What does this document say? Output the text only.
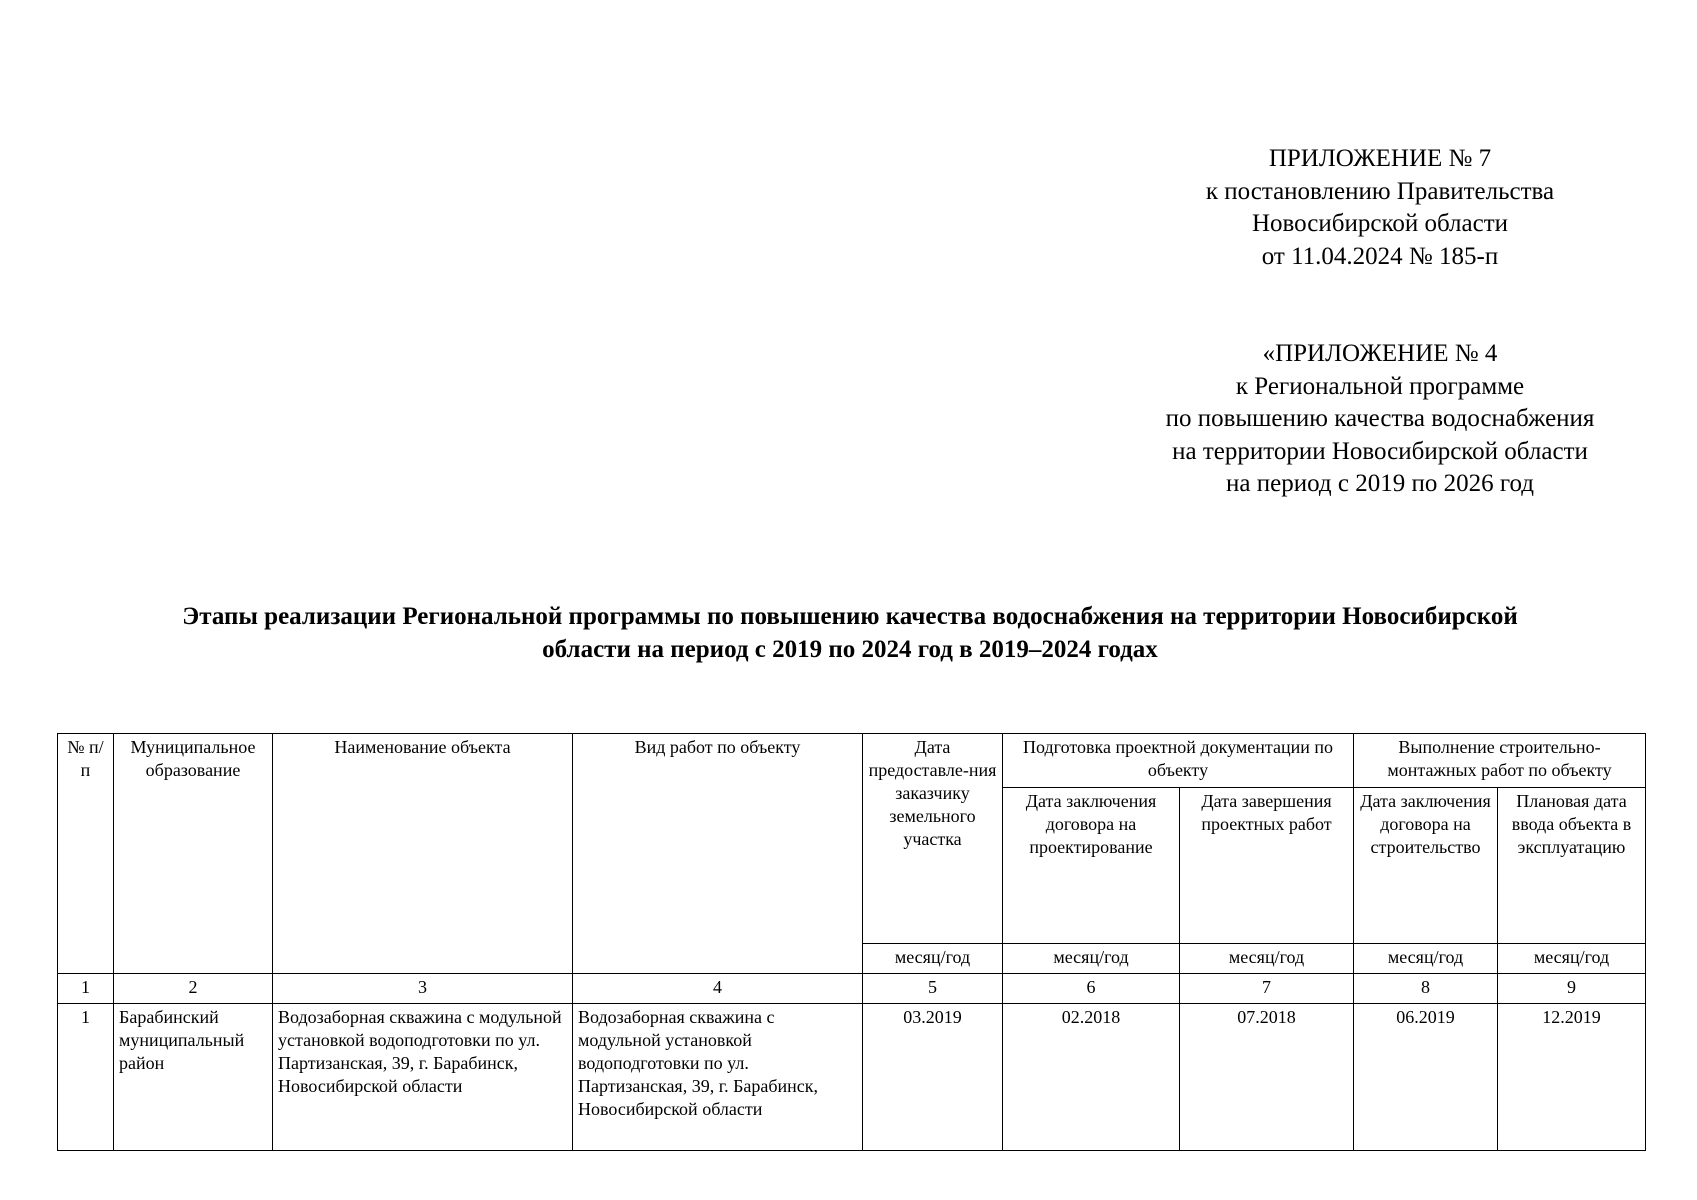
ПРИЛОЖЕНИЕ № 7
к постановлению Правительства
Новосибирской области
от 11.04.2024 № 185-п
«ПРИЛОЖЕНИЕ № 4
к Региональной программе
по повышению качества водоснабжения
на территории Новосибирской области
на период с 2019 по 2026 год
Этапы реализации Региональной программы по повышению качества водоснабжения на территории Новосибирской
области на период с 2019 по 2024 год в 2019–2024 годах
№ п/п	Муниципальное образование	Наименование объекта	Вид работ по объекту	Дата предоставле-ния заказчику земельного участка	Подготовка проектной документации по объекту		Выполнение строительно-монтажных работ по объекту	
					Дата заключения договора на проектирование	Дата завершения проектных работ	Дата заключения договора на строительство	Плановая дата ввода объекта в эксплуатацию
				месяц/год	месяц/год	месяц/год	месяц/год	месяц/год
1	2	3	4	5	6	7	8	9
1	Барабинский муниципальный район	Водозаборная скважина с модульной установкой водоподготовки по ул. Партизанская, 39, г. Барабинск, Новосибирской области	Водозаборная скважина с модульной установкой водоподготовки по ул. Партизанская, 39, г. Барабинск, Новосибирской области	03.2019	02.2018	07.2018	06.2019	12.2019
